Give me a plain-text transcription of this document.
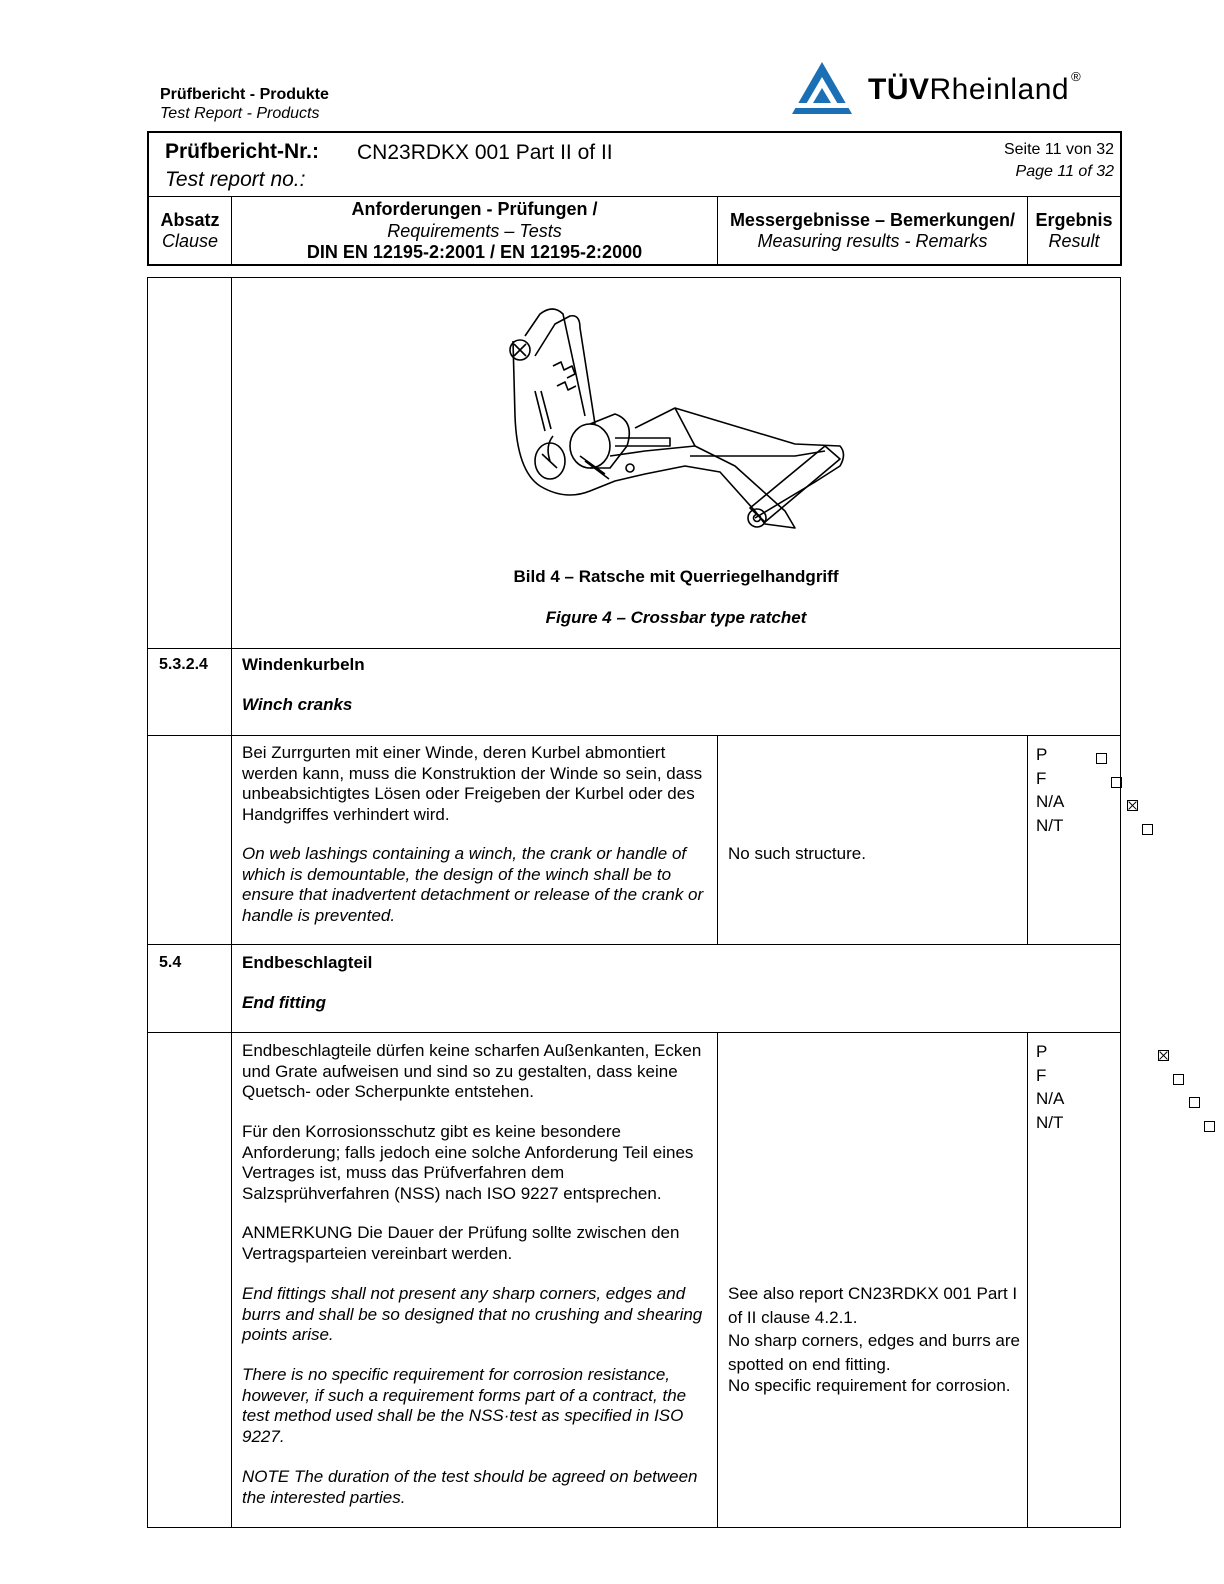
Prüfbericht - Produkte
Test Report - Products
TÜVRheinland ®
Prüfbericht-Nr.:
Test report no.:
CN23RDKX 001 Part II of II	Seite 11 von 32
Page 11 of 32
Absatz
Clause
Anforderungen - Prüfungen /
Requirements – Tests
DIN EN 12195-2:2001 / EN 12195-2:2000
Messergebnisse – Bemerkungen/
Measuring results - Remarks
Ergebnis
Result
Bild 4 – Ratsche mit Querriegelhandgriff
Figure 4 – Crossbar type ratchet
5.3.2.4 Windenkurbeln
Winch cranks
Bei Zurrgurten mit einer Winde, deren Kurbel abmontiert werden kann, muss die Konstruktion der Winde so sein, dass unbeabsichtigtes Lösen oder Freigeben der Kurbel oder des Handgriffes verhindert wird.
On web lashings containing a winch, the crank or handle of which is demountable, the design of the winch shall be to ensure that inadvertent detachment or release of the crank or handle is prevented.
No such structure.
P
F
N/A
N/T

5.4	Endbeschlagteil
End fitting
Endbeschlagteile dürfen keine scharfen Außenkanten, Ecken und Grate aufweisen und sind so zu gestalten, dass keine Quetsch- oder Scherpunkte entstehen.
Für den Korrosionsschutz gibt es keine besondere Anforderung; falls jedoch eine solche Anforderung Teil eines Vertrages ist, muss das Prüfverfahren dem Salzsprühverfahren (NSS) nach ISO 9227 entsprechen.
ANMERKUNG Die Dauer der Prüfung sollte zwischen den Vertragsparteien vereinbart werden.
End fittings shall not present any sharp corners, edges and burrs and shall be so designed that no crushing and shearing points arise.
There is no specific requirement for corrosion resistance, however, if such a requirement forms part of a contract, the test method used shall be the NSS·test as specified in ISO 9227.
NOTE The duration of the test should be agreed on between the interested parties.
See also report CN23RDKX 001 Part I of II clause 4.2.1.
No sharp corners, edges and burrs are spotted on end fitting.
No specific requirement for corrosion.
P
F
N/A
N/T
